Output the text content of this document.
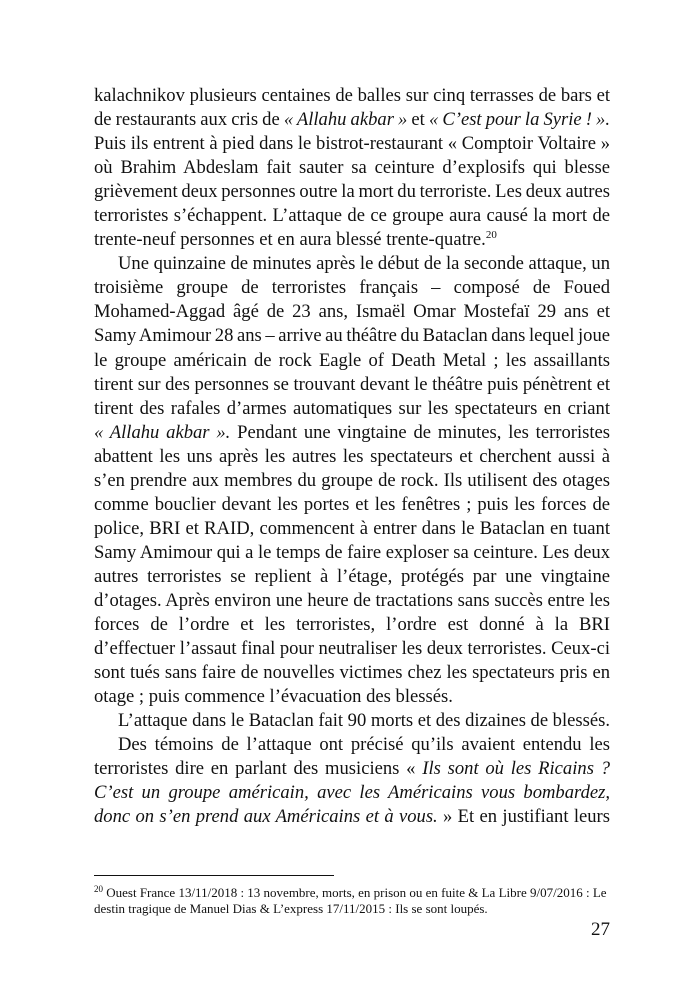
kalachnikov plusieurs centaines de balles sur cinq terrasses de bars et
de restaurants aux cris de « Allahu akbar » et « C’est pour la Syrie ! ».
Puis ils entrent à pied dans le bistrot-restaurant « Comptoir Voltaire »
où Brahim Abdeslam fait sauter sa ceinture d’explosifs qui blesse
grièvement deux personnes outre la mort du terroriste. Les deux autres
terroristes s’échappent. L’attaque de ce groupe aura causé la mort de
trente-neuf personnes et en aura blessé trente-quatre.$^{20}$
Une quinzaine de minutes après le début de la seconde attaque, un
troisième groupe de terroristes français – composé de Foued
Mohamed-Aggad âgé de 23 ans, Ismaël Omar Mostefaï 29 ans et
Samy Amimour 28 ans – arrive au théâtre du Bataclan dans lequel joue
le groupe américain de rock Eagle of Death Metal ; les assaillants
tirent sur des personnes se trouvant devant le théâtre puis pénètrent et
tirent des rafales d’armes automatiques sur les spectateurs en criant
« Allahu akbar ». Pendant une vingtaine de minutes, les terroristes
abattent les uns après les autres les spectateurs et cherchent aussi à
s’en prendre aux membres du groupe de rock. Ils utilisent des otages
comme bouclier devant les portes et les fenêtres ; puis les forces de
police, BRI et RAID, commencent à entrer dans le Bataclan en tuant
Samy Amimour qui a le temps de faire exploser sa ceinture. Les deux
autres terroristes se replient à l’étage, protégés par une vingtaine
d’otages. Après environ une heure de tractations sans succès entre les
forces de l’ordre et les terroristes, l’ordre est donné à la BRI
d’effectuer l’assaut final pour neutraliser les deux terroristes. Ceux-ci
sont tués sans faire de nouvelles victimes chez les spectateurs pris en
otage ; puis commence l’évacuation des blessés.
L’attaque dans le Bataclan fait 90 morts et des dizaines de blessés.
Des témoins de l’attaque ont précisé qu’ils avaient entendu les
terroristes dire en parlant des musiciens « Ils sont où les Ricains ?
C’est un groupe américain, avec les Américains vous bombardez,
donc on s’en prend aux Américains et à vous. » Et en justifiant leurs
$^{20}$ Ouest France 13/11/2018 : 13 novembre, morts, en prison ou en fuite & La Libre 9/07/2016 : Le destin tragique de Manuel Dias & L’express 17/11/2015 : Ils se sont loupés.
27
